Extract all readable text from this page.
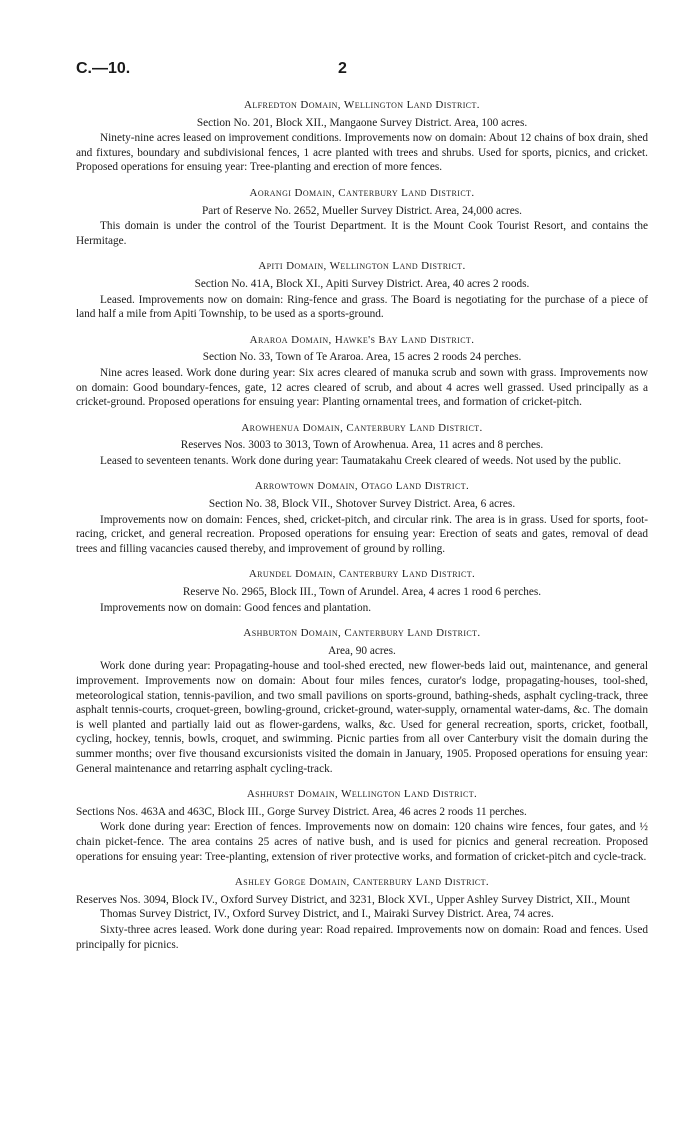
C.—10.	2
Alfredton Domain, Wellington Land District.
Section No. 201, Block XII., Mangaone Survey District. Area, 100 acres.

Ninety-nine acres leased on improvement conditions. Improvements now on domain: About 12 chains of box drain, shed and fixtures, boundary and subdivisional fences, 1 acre planted with trees and shrubs. Used for sports, picnics, and cricket. Proposed operations for ensuing year: Tree-planting and erection of more fences.

Aorangi Domain, Canterbury Land District.
Part of Reserve No. 2652, Mueller Survey District. Area, 24,000 acres.

This domain is under the control of the Tourist Department. It is the Mount Cook Tourist Resort, and contains the Hermitage.

Apiti Domain, Wellington Land District.
Section No. 41A, Block XI., Apiti Survey District. Area, 40 acres 2 roods.

Leased. Improvements now on domain: Ring-fence and grass. The Board is negotiating for the purchase of a piece of land half a mile from Apiti Township, to be used as a sports-ground.

Araroa Domain, Hawke's Bay Land District.
Section No. 33, Town of Te Araroa. Area, 15 acres 2 roods 24 perches.

Nine acres leased. Work done during year: Six acres cleared of manuka scrub and sown with grass. Improvements now on domain: Good boundary-fences, gate, 12 acres cleared of scrub, and about 4 acres well grassed. Used principally as a cricket-ground. Proposed operations for ensuing year: Planting ornamental trees, and formation of cricket-pitch.

Arowhenua Domain, Canterbury Land District.
Reserves Nos. 3003 to 3013, Town of Arowhenua. Area, 11 acres and 8 perches.

Leased to seventeen tenants. Work done during year: Taumatakahu Creek cleared of weeds. Not used by the public.

Arrowtown Domain, Otago Land District.
Section No. 38, Block VII., Shotover Survey District. Area, 6 acres.

Improvements now on domain: Fences, shed, cricket-pitch, and circular rink. The area is in grass. Used for sports, foot-racing, cricket, and general recreation. Proposed operations for ensuing year: Erection of seats and gates, removal of dead trees and filling vacancies caused thereby, and improvement of ground by rolling.

Arundel Domain, Canterbury Land District.
Reserve No. 2965, Block III., Town of Arundel. Area, 4 acres 1 rood 6 perches.

Improvements now on domain: Good fences and plantation.

Ashburton Domain, Canterbury Land District.
Area, 90 acres.

Work done during year: Propagating-house and tool-shed erected, new flower-beds laid out, maintenance, and general improvement. Improvements now on domain: About four miles fences, curator's lodge, propagating-houses, tool-shed, meteorological station, tennis-pavilion, and two small pavilions on sports-ground, bathing-sheds, asphalt cycling-track, three asphalt tennis-courts, croquet-green, bowling-ground, cricket-ground, water-supply, ornamental water-dams, &c. The domain is well planted and partially laid out as flower-gardens, walks, &c. Used for general recreation, sports, cricket, football, cycling, hockey, tennis, bowls, croquet, and swimming. Picnic parties from all over Canterbury visit the domain during the summer months; over five thousand excursionists visited the domain in January, 1905. Proposed operations for ensuing year: General maintenance and retarring asphalt cycling-track.

Ashhurst Domain, Wellington Land District.
Sections Nos. 463A and 463C, Block III., Gorge Survey District. Area, 46 acres 2 roods 11 perches.

Work done during year: Erection of fences. Improvements now on domain: 120 chains wire fences, four gates, and ½ chain picket-fence. The area contains 25 acres of native bush, and is used for picnics and general recreation. Proposed operations for ensuing year: Tree-planting, extension of river protective works, and formation of cricket-pitch and cycle-track.

Ashley Gorge Domain, Canterbury Land District.
Reserves Nos. 3094, Block IV., Oxford Survey District, and 3231, Block XVI., Upper Ashley Survey District, XII., Mount Thomas Survey District, IV., Oxford Survey District, and I., Mairaki Survey District. Area, 74 acres.

Sixty-three acres leased. Work done during year: Road repaired. Improvements now on domain: Road and fences. Used principally for picnics.
